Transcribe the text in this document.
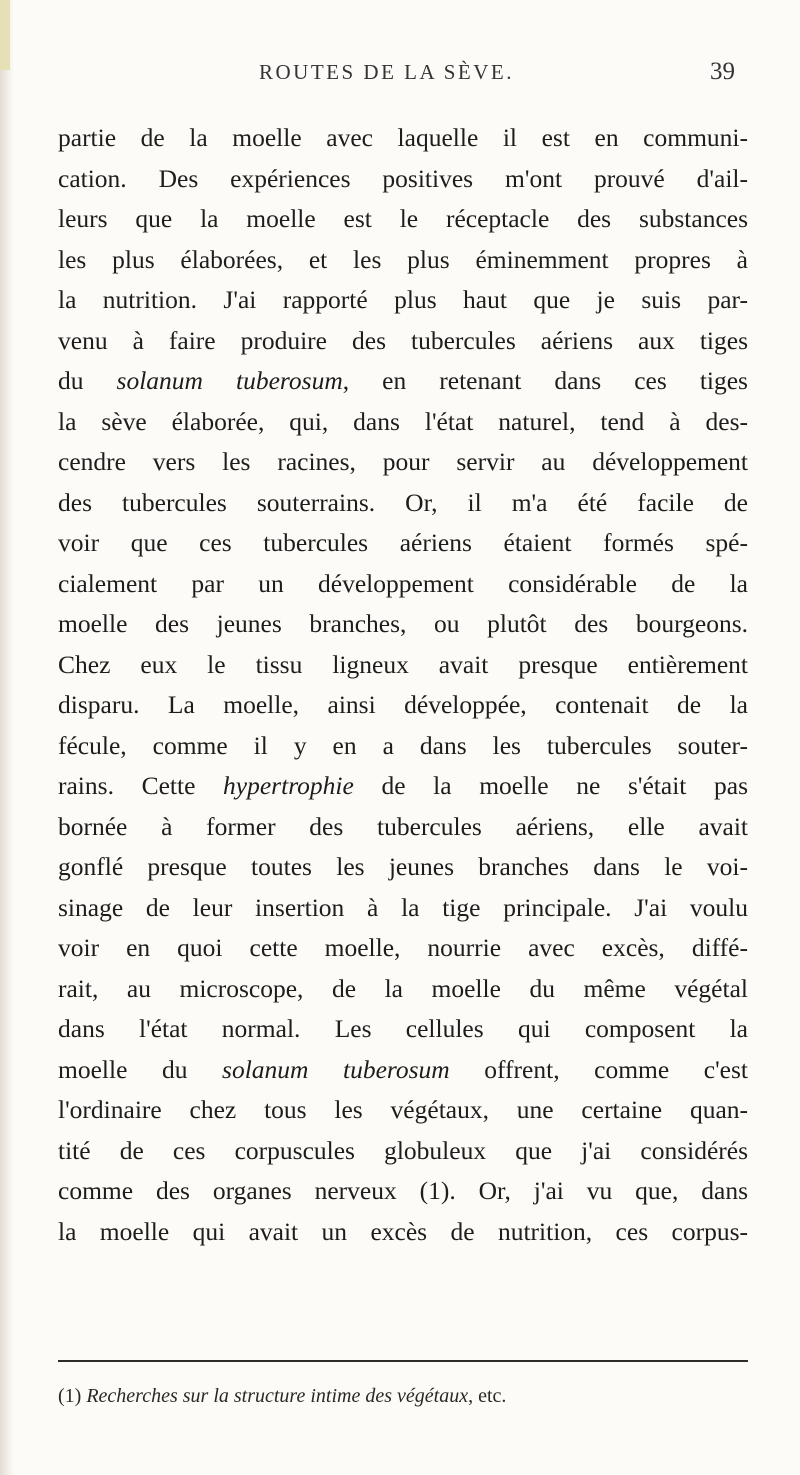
ROUTES DE LA SÈVE.	39
partie de la moelle avec laquelle il est en communi-
cation. Des expériences positives m'ont prouvé d'ail-
leurs que la moelle est le réceptacle des substances
les plus élaborées, et les plus éminemment propres à
la nutrition. J'ai rapporté plus haut que je suis par-
venu à faire produire des tubercules aériens aux tiges
du solanum tuberosum, en retenant dans ces tiges
la sève élaborée, qui, dans l'état naturel, tend à des-
cendre vers les racines, pour servir au développement
des tubercules souterrains. Or, il m'a été facile de
voir que ces tubercules aériens étaient formés spé-
cialement par un développement considérable de la
moelle des jeunes branches, ou plutôt des bourgeons.
Chez eux le tissu ligneux avait presque entièrement
disparu. La moelle, ainsi développée, contenait de la
fécule, comme il y en a dans les tubercules souter-
rains. Cette hypertrophie de la moelle ne s'était pas
bornée à former des tubercules aériens, elle avait
gonflé presque toutes les jeunes branches dans le voi-
sinage de leur insertion à la tige principale. J'ai voulu
voir en quoi cette moelle, nourrie avec excès, diffé-
rait, au microscope, de la moelle du même végétal
dans l'état normal. Les cellules qui composent la
moelle du solanum tuberosum offrent, comme c'est
l'ordinaire chez tous les végétaux, une certaine quan-
tité de ces corpuscules globuleux que j'ai considérés
comme des organes nerveux (1). Or, j'ai vu que, dans
la moelle qui avait un excès de nutrition, ces corpus-
(1) Recherches sur la structure intime des végétaux, etc.
